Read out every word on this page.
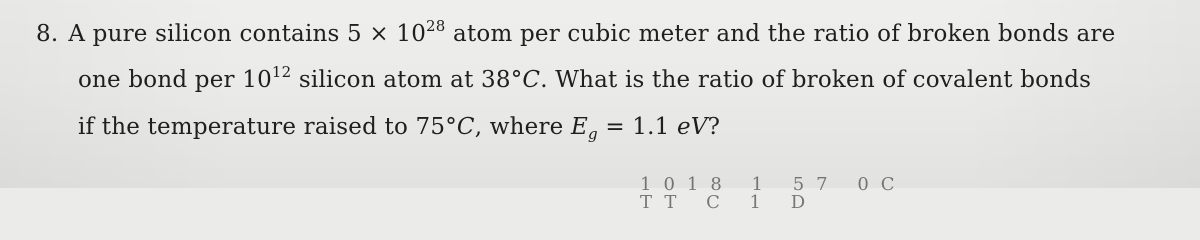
8. A pure silicon contains $5 \times 10^{28}$ atom per cubic meter and the ratio of broken bonds are
one bond per $10^{12}$ silicon atom at 38°C. What is the ratio of broken of covalent bonds
if the temperature raised to 75°C, where $E_g = 1.1$ eV?
1018 1 57 0C TT C 1 D
